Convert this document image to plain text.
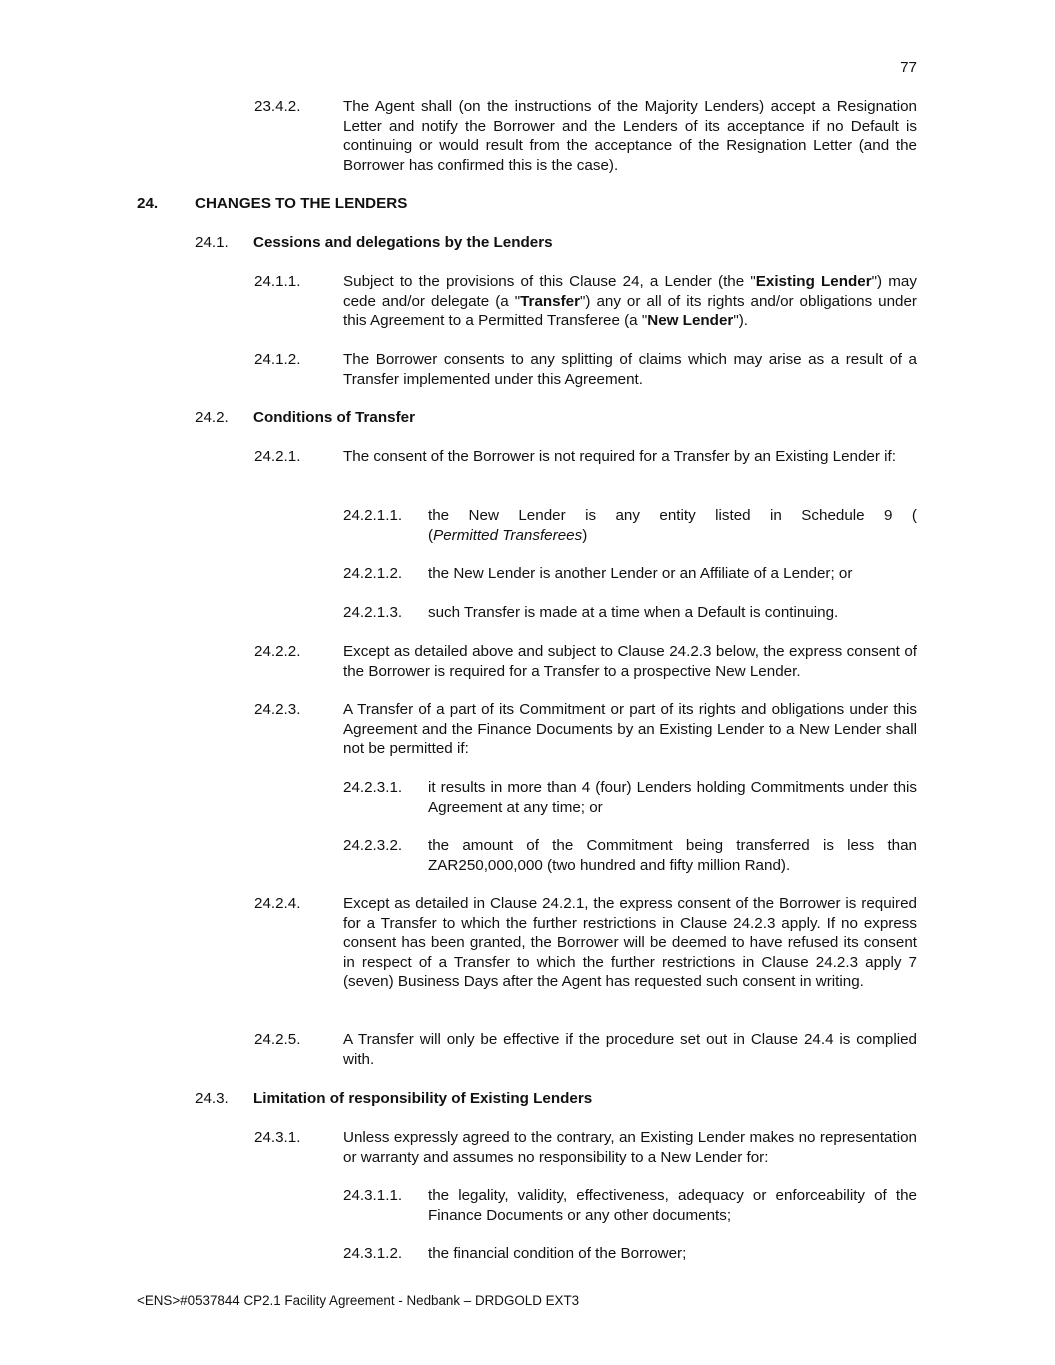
77
23.4.2.	The Agent shall (on the instructions of the Majority Lenders) accept a Resignation Letter and notify the Borrower and the Lenders of its acceptance if no Default is continuing or would result from the acceptance of the Resignation Letter (and the Borrower has confirmed this is the case).
24. CHANGES TO THE LENDERS
24.1. Cessions and delegations by the Lenders
24.1.1.	Subject to the provisions of this Clause 24, a Lender (the "Existing Lender") may cede and/or delegate (a "Transfer") any or all of its rights and/or obligations under this Agreement to a Permitted Transferee (a "New Lender").
24.1.2.	The Borrower consents to any splitting of claims which may arise as a result of a Transfer implemented under this Agreement.
24.2. Conditions of Transfer
24.2.1.	The consent of the Borrower is not required for a Transfer by an Existing Lender if:
24.2.1.1. the New Lender is any entity listed in Schedule 9 (
(Permitted Transferees)
24.2.1.2. the New Lender is another Lender or an Affiliate of a Lender; or
24.2.1.3. such Transfer is made at a time when a Default is continuing.
24.2.2.	Except as detailed above and subject to Clause 24.2.3 below, the express consent of the Borrower is required for a Transfer to a prospective New Lender.
24.2.3.	A Transfer of a part of its Commitment or part of its rights and obligations under this Agreement and the Finance Documents by an Existing Lender to a New Lender shall not be permitted if:
24.2.3.1. it results in more than 4 (four) Lenders holding Commitments under this Agreement at any time; or
24.2.3.2. the amount of the Commitment being transferred is less than ZAR250,000,000 (two hundred and fifty million Rand).
24.2.4.	Except as detailed in Clause 24.2.1, the express consent of the Borrower is required for a Transfer to which the further restrictions in Clause 24.2.3 apply. If no express consent has been granted, the Borrower will be deemed to have refused its consent in respect of a Transfer to which the further restrictions in Clause 24.2.3 apply 7 (seven) Business Days after the Agent has requested such consent in writing.
24.2.5.	A Transfer will only be effective if the procedure set out in Clause 24.4 is complied with.
24.3. Limitation of responsibility of Existing Lenders
24.3.1.	Unless expressly agreed to the contrary, an Existing Lender makes no representation or warranty and assumes no responsibility to a New Lender for:
24.3.1.1. the legality, validity, effectiveness, adequacy or enforceability of the Finance Documents or any other documents;
24.3.1.2. the financial condition of the Borrower;
<ENS>#0537844 CP2.1 Facility Agreement - Nedbank – DRDGOLD EXT3
